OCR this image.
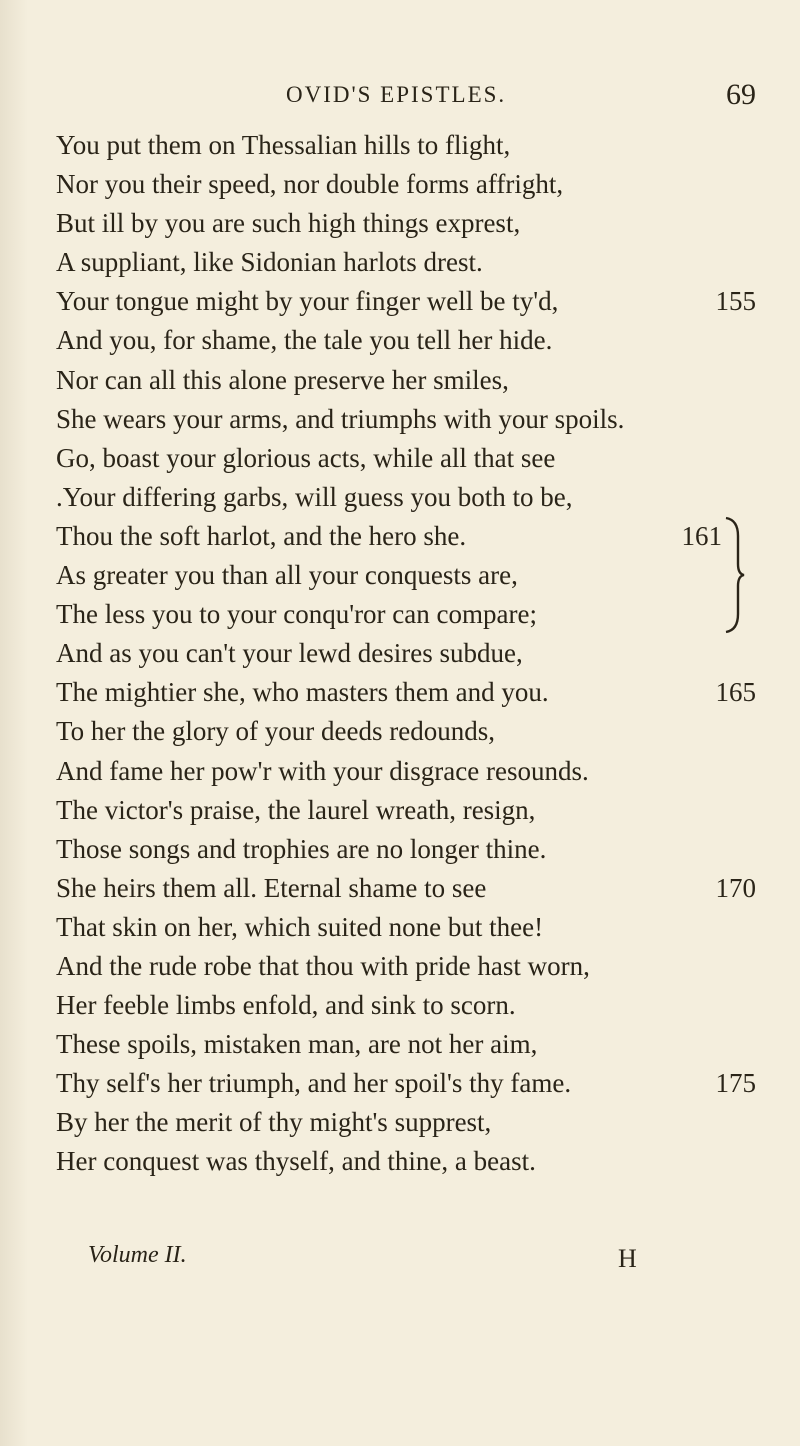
OVID'S EPISTLES.	69
You put them on Thessalian hills to flight,
Nor you their speed, nor double forms affright,
But ill by you are such high things exprest,
A suppliant, like Sidonian harlots drest.
Your tongue might by your finger well be ty'd,	155
And you, for shame, the tale you tell her hide.
Nor can all this alone preserve her smiles,
She wears your arms, and triumphs with your spoils.
Go, boast your glorious acts, while all that see
.Your differing garbs, will guess you both to be,
Thou the soft harlot, and the hero she.	161
As greater you than all your conquests are,
The less you to your conqu'ror can compare;
And as you can't your lewd desires subdue,
The mightier she, who masters them and you.	165
To her the glory of your deeds redounds,
And fame her pow'r with your disgrace resounds.
The victor's praise, the laurel wreath, resign,
Those songs and trophies are no longer thine.
She heirs them all. Eternal shame to see	170
That skin on her, which suited none but thee!
And the rude robe that thou with pride hast worn,
Her feeble limbs enfold, and sink to scorn.
These spoils, mistaken man, are not her aim,
Thy self's her triumph, and her spoil's thy fame.	175
By her the merit of thy might's supprest,
Her conquest was thyself, and thine, a beast.
Volume II.	H
